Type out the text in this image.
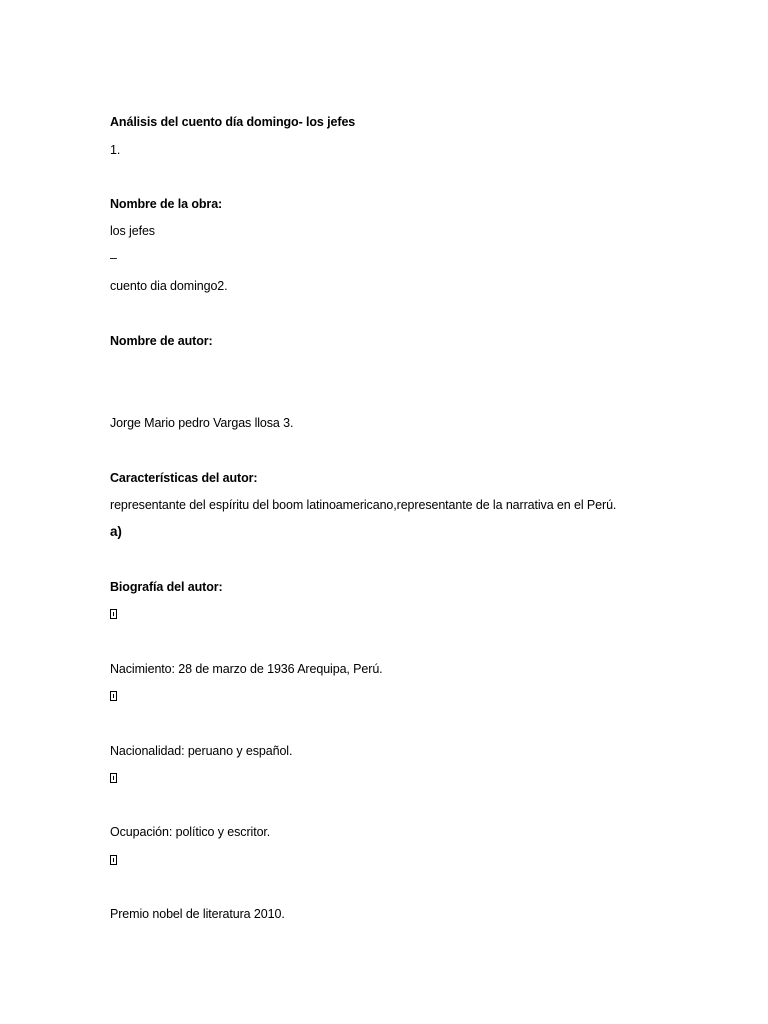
Análisis del cuento día domingo- los jefes
1.
Nombre de la obra:
los jefes
–
cuento dia domingo2.
Nombre de autor:
Jorge Mario pedro Vargas llosa 3.
Características del autor:
representante del espíritu del boom latinoamericano,representante de la narrativa en el Perú.
a)
Biografía del autor:
Nacimiento: 28 de marzo de 1936 Arequipa, Perú.
Nacionalidad: peruano y español.
Ocupación: político y escritor.
Premio nobel de literatura 2010.
